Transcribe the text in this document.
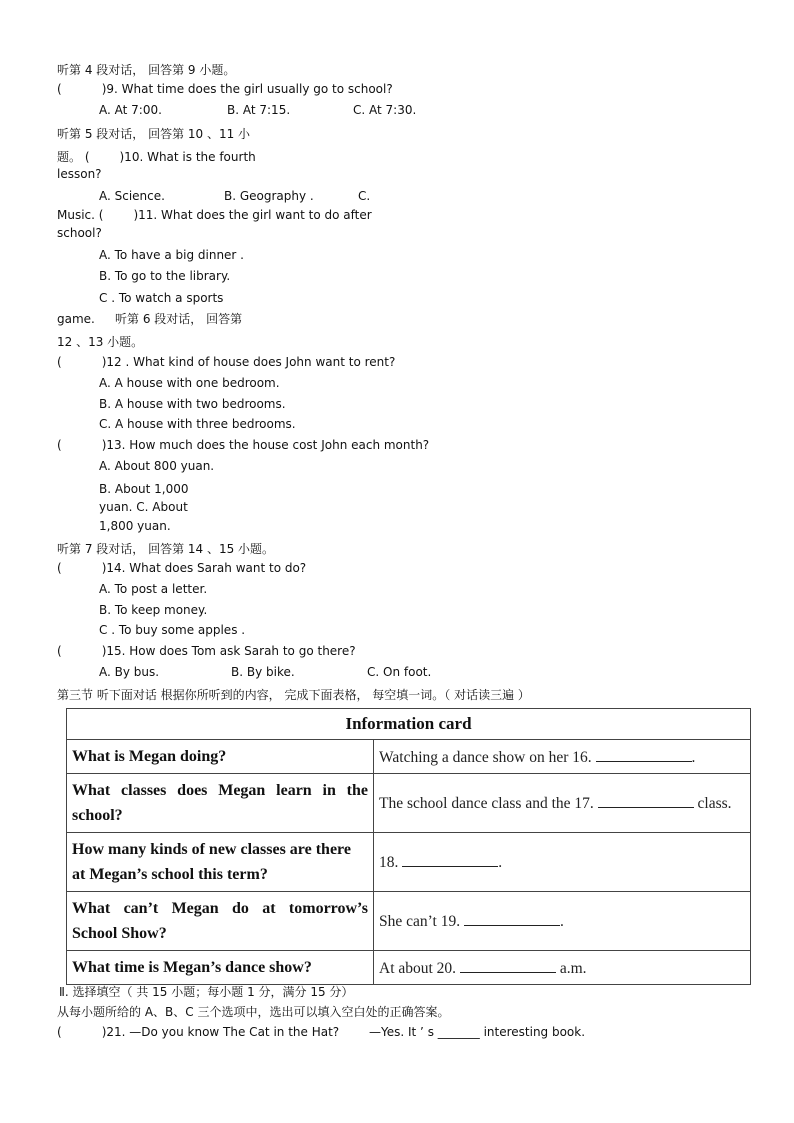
听第 4 段对话， 回答第 9 小题。
(	)9. What time does the girl usually go to school?
A. At 7:00.	B. At 7:15.	C. At 7:30.
听第 5 段对话， 回答第 10 、11 小
题。 (	)10. What is the fourth
lesson?
A. Science.	B. Geography .	C.
Music. (	)11. What does the girl want to do after
school?
A. To have a big dinner .
B. To go to the library.
C . To watch a sports
game. 听第 6 段对话， 回答第
12 、13 小题。
(	)12 . What kind of house does John want to rent?
A. A house with one bedroom.
B. A house with two bedrooms.
C. A house with three bedrooms.
(	)13. How much does the house cost John each month?
A. About 800 yuan.
B. About 1,000
yuan. C. About
1,800 yuan.
听第 7 段对话， 回答第 14 、15 小题。
(	)14. What does Sarah want to do?
A. To post a letter.
B. To keep money.
C . To buy some apples .
(	)15. How does Tom ask Sarah to go there?
A. By bus.	B. By bike.	C. On foot.
第三节 听下面对话 根据你所听到的内容， 完成下面表格， 每空填一词。（ 对话读三遍 ）
Information card	
What is Megan doing?	Watching a dance show on her 16. .
What classes does Megan learn in the school?	The school dance class and the 17. class.
How many kinds of new classes are there at Megan’s school this term?	18. .
What can’t Megan do at tomorrow’s School Show?	She can’t 19. .
What time is Megan’s dance show?	At about 20. a.m.
Ⅱ. 选择填空（ 共 15 小题；每小题 1 分，满分 15 分）
从每小题所给的 A、B、C 三个选项中，选出可以填入空白处的正确答案。
(	)21. —Do you know The Cat in the Hat? —Yes. It ’ s _______ interesting book.
